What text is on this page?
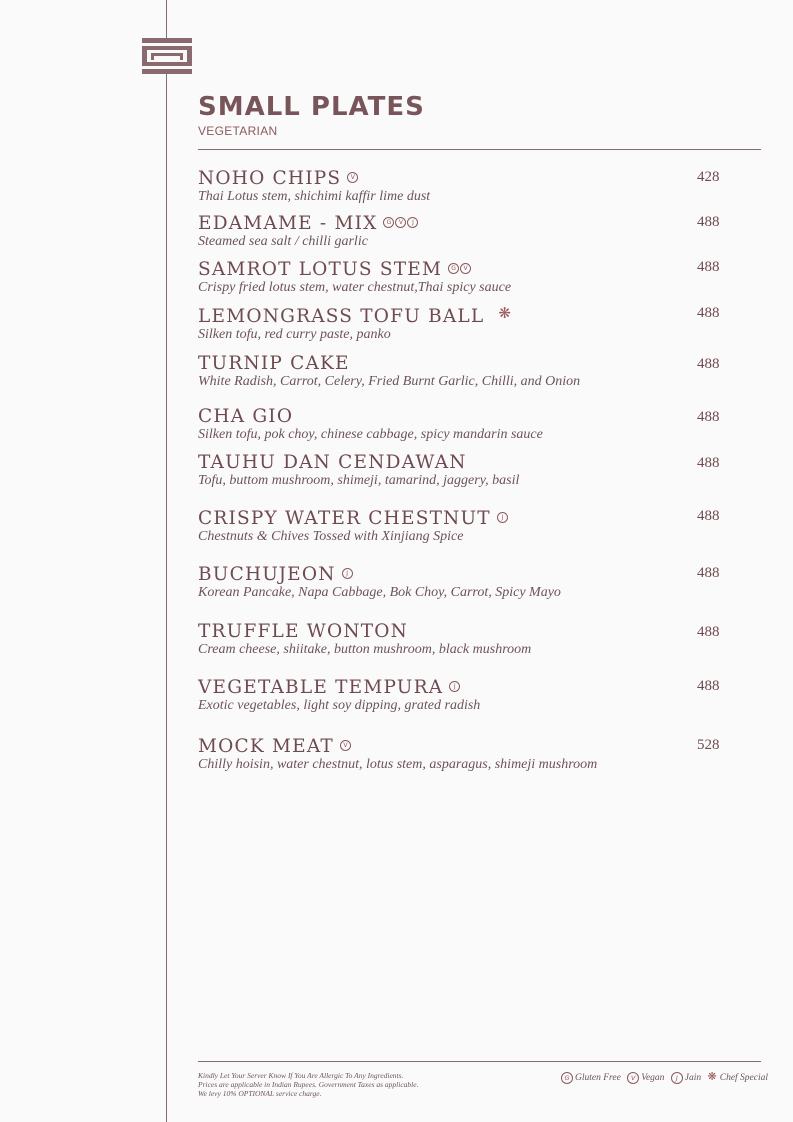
SMALL PLATES
VEGETARIAN
NOHO CHIPS V
Thai Lotus stem, shichimi kaffir lime dust
428
EDAMAME - MIX G V J
Steamed sea salt / chilli garlic
488
SAMROT LOTUS STEM G V
Crispy fried lotus stem, water chestnut,Thai spicy sauce
488
LEMONGRASS TOFU BALL ❋
Silken tofu, red curry paste, panko
488
TURNIP CAKE
White Radish, Carrot, Celery, Fried Burnt Garlic, Chilli, and Onion
488
CHA GIO
Silken tofu, pok choy, chinese cabbage, spicy mandarin sauce
488
TAUHU DAN CENDAWAN
Tofu, buttom mushroom, shimeji, tamarind, jaggery, basil
488
CRISPY WATER CHESTNUT J
Chestnuts & Chives Tossed with Xinjiang Spice
488
BUCHUJEON J
Korean Pancake, Napa Cabbage, Bok Choy, Carrot, Spicy Mayo
488
TRUFFLE WONTON
Cream cheese, shiitake, button mushroom, black mushroom
488
VEGETABLE TEMPURA J
Exotic vegetables, light soy dipping, grated radish
488
MOCK MEAT V
Chilly hoisin, water chestnut, lotus stem, asparagus, shimeji mushroom
528
Kindly Let Your Server Know If You Are Allergic To Any Ingredients.
Prices are applicable in Indian Rupees. Government Taxes as applicable.
We levy 10% OPTIONAL service charge.
G Gluten Free V Vegan J Jain ❋ Chef Special
